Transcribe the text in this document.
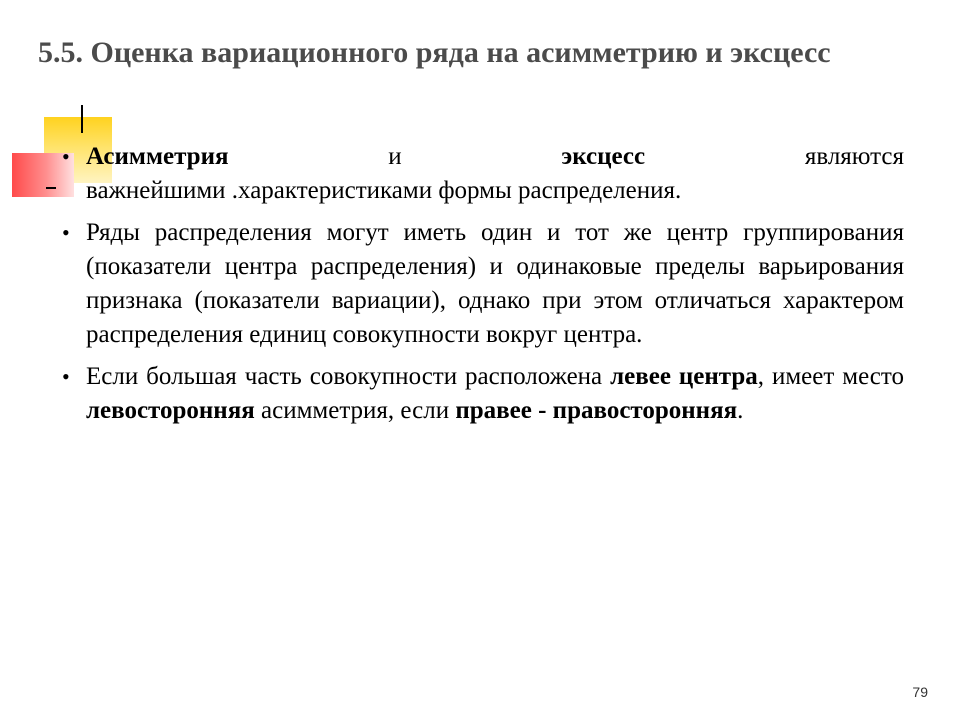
5.5. Оценка вариационного ряда на асимметрию и эксцесс
• Асимметрия	и	эксцесс	являются
важнейшими .характеристиками формы распределения.
• Ряды распределения могут иметь один и тот же центр группирования (показатели центра распределения) и одинаковые пределы варьирования признака (показатели вариации), однако при этом отличаться характером распределения единиц совокупности вокруг центра.
• Если большая часть совокупности расположена левее центра, имеет место левосторонняя асимметрия, если правее - правосторонняя.
79
